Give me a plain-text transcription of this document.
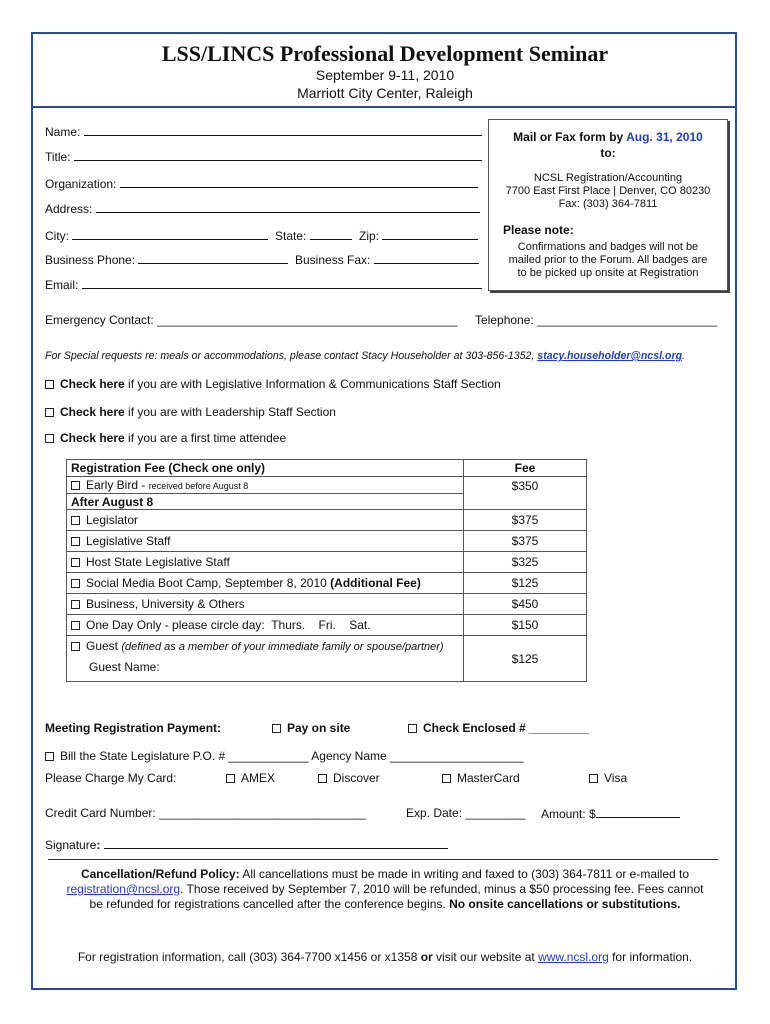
LSS/LINCS Professional Development Seminar
September 9-11, 2010
Marriott City Center, Raleigh
Name:
Title:
Organization:
Address:
City:	State:	Zip:
Business Phone:	Business Fax:
Email:
Emergency Contact: _____________________________________________ Telephone: ___________________________
Mail or Fax form by Aug. 31, 2010
to:
NCSL Registration/Accounting
7700 East First Place | Denver, CO 80230
Fax: (303) 364-7811
Please note:
Confirmations and badges will not be
mailed prior to the Forum. All badges are
to be picked up onsite at Registration
For Special requests re: meals or accommodations, please contact Stacy Householder at 303-856-1352, stacy.householder@ncsl.org.
Check here if you are with Legislative Information & Communications Staff Section
Check here if you are with Leadership Staff Section
Check here if you are a first time attendee
Registration Fee (Check one only)	Fee
Early Bird - received before August 8	$350
After August 8	
Legislator	$375
Legislative Staff	$375
Host State Legislative Staff	$325
Social Media Boot Camp, September 8, 2010 (Additional Fee)	$125
Business, University & Others	$450
One Day Only - please circle day:  Thurs.    Fri.    Sat.	$150

Guest (defined as a member of your immediate family or spouse/partner)
Guest Name:	$125
Meeting Registration Payment:	Pay on site	Check Enclosed # _________
Bill the State Legislature P.O. # ____________ Agency Name ____________________
Please Charge My Card:	AMEX	Discover	MasterCard	Visa
Credit Card Number: _______________________________	Exp. Date: _________ Amount: $
Signature:
Cancellation/Refund Policy: All cancellations must be made in writing and faxed to (303) 364-7811 or e-mailed to
registration@ncsl.org. Those received by September 7, 2010 will be refunded, minus a $50 processing fee. Fees cannot
be refunded for registrations cancelled after the conference begins. No onsite cancellations or substitutions.
For registration information, call (303) 364-7700 x1456 or x1358 or visit our website at www.ncsl.org for information.
